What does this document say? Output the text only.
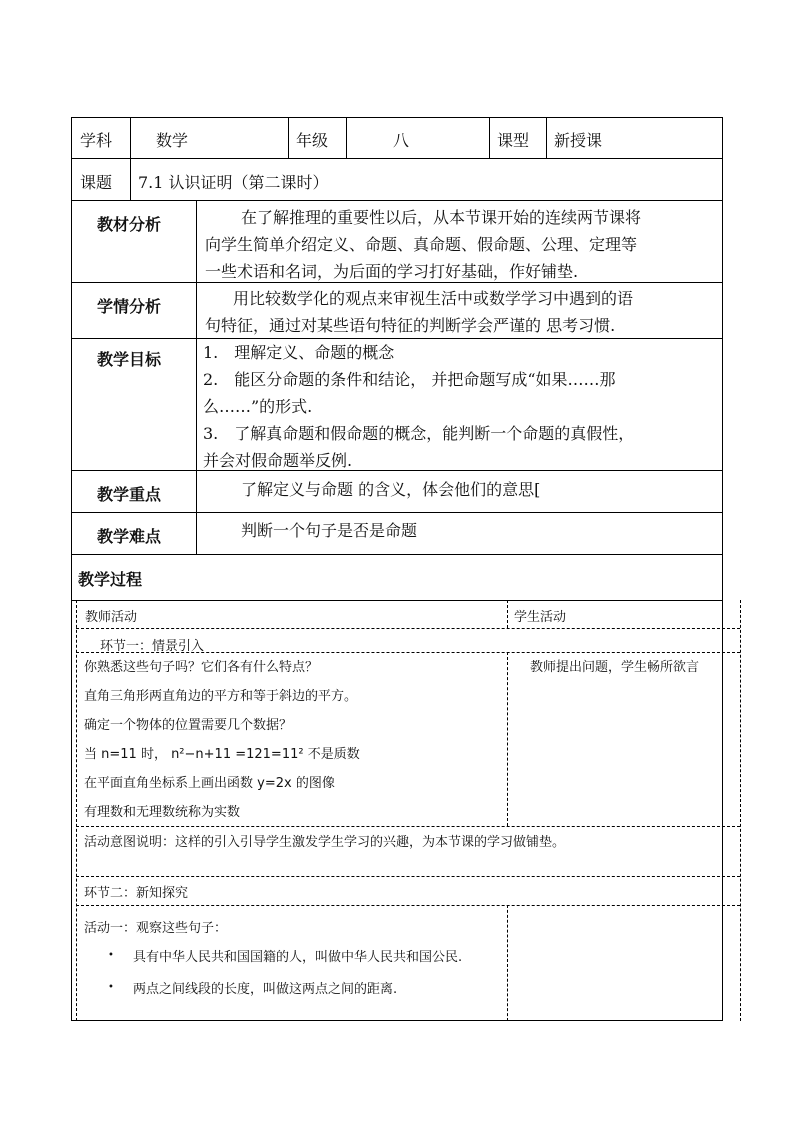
学科	数学	年级	八	课型 新授课
课题 7.1 认识证明（第二课时）
教材分析	在了解推理的重要性以后，从本节课开始的连续两节课将
向学生简单介绍定义、命题、真命题、假命题、公理、定理等
一些术语和名词，为后面的学习打好基础，作好铺垫.
学情分析	用比较数学化的观点来审视生活中或数学学习中遇到的语
句特征，通过对某些语句特征的判断学会严谨的 思考习惯.
教学目标	1.　理解定义、命题的概念
2.　能区分命题的条件和结论， 并把命题写成“如果……那
么……”的形式.
3.　了解真命题和假命题的概念，能判断一个命题的真假性，
并会对假命题举反例.
教学重点	了解定义与命题 的含义，体会他们的意思[
教学难点	判断一个句子是否是命题
教学过程
教师活动	学生活动
环节一：情景引入
你熟悉这些句子吗？它们各有什么特点？
直角三角形两直角边的平方和等于斜边的平方。
确定一个物体的位置需要几个数据？
当 n=11 时， n²−n+11 =121=11² 不是质数
在平面直角坐标系上画出函数 y=2x 的图像
有理数和无理数统称为实数
教师提出问题，学生畅所欲言
活动意图说明：这样的引入引导学生激发学生学习的兴趣，为本节课的学习做铺垫。
环节二：新知探究
活动一：观察这些句子：
• 具有中华人民共和国国籍的人，叫做中华人民共和国公民.
• 两点之间线段的长度，叫做这两点之间的距离.
